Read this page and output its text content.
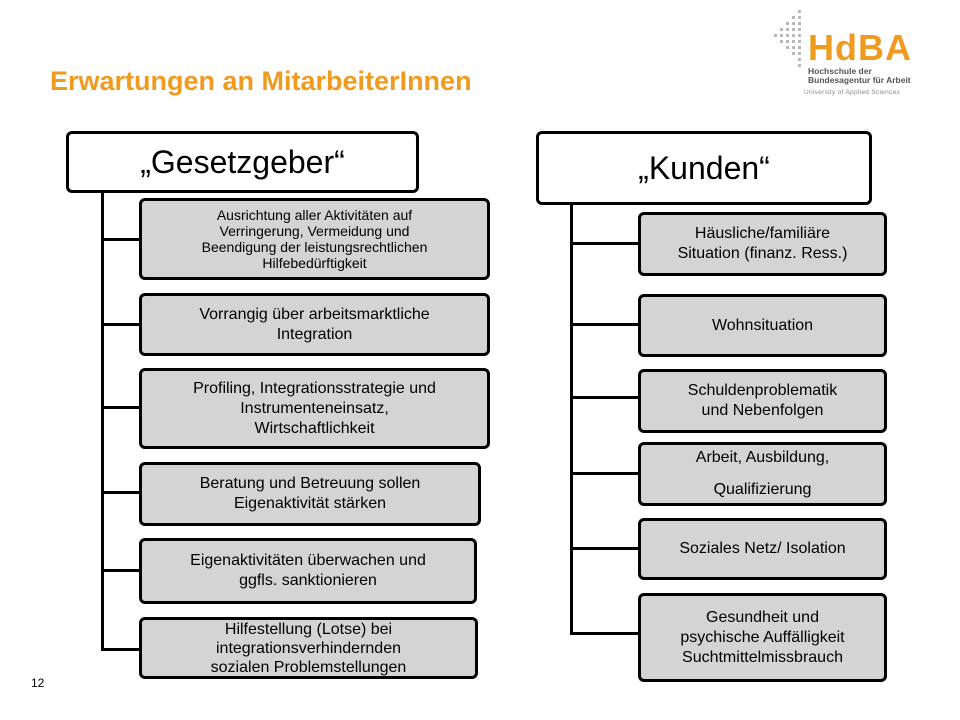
Erwartungen an MitarbeiterInnen
HdBA
Hochschule der
Bundesagentur für Arbeit
University of Applied Sciences
„Gesetzgeber“
Ausrichtung aller Aktivitäten auf
Verringerung, Vermeidung und
Beendigung der leistungsrechtlichen
Hilfebedürftigkeit
Vorrangig über arbeitsmarktliche
Integration
Profiling, Integrationsstrategie und
Instrumenteneinsatz,
Wirtschaftlichkeit
Beratung und Betreuung sollen
Eigenaktivität stärken
Eigenaktivitäten überwachen und
ggfls. sanktionieren
Hilfestellung (Lotse) bei
integrationsverhindernden
sozialen Problemstellungen
„Kunden“
Häusliche/familiäre
Situation (finanz. Ress.)
Wohnsituation
Schuldenproblematik
und Nebenfolgen
Arbeit, Ausbildung,
Qualifizierung
Soziales Netz/ Isolation
Gesundheit und
psychische Auffälligkeit
Suchtmittelmissbrauch
12
